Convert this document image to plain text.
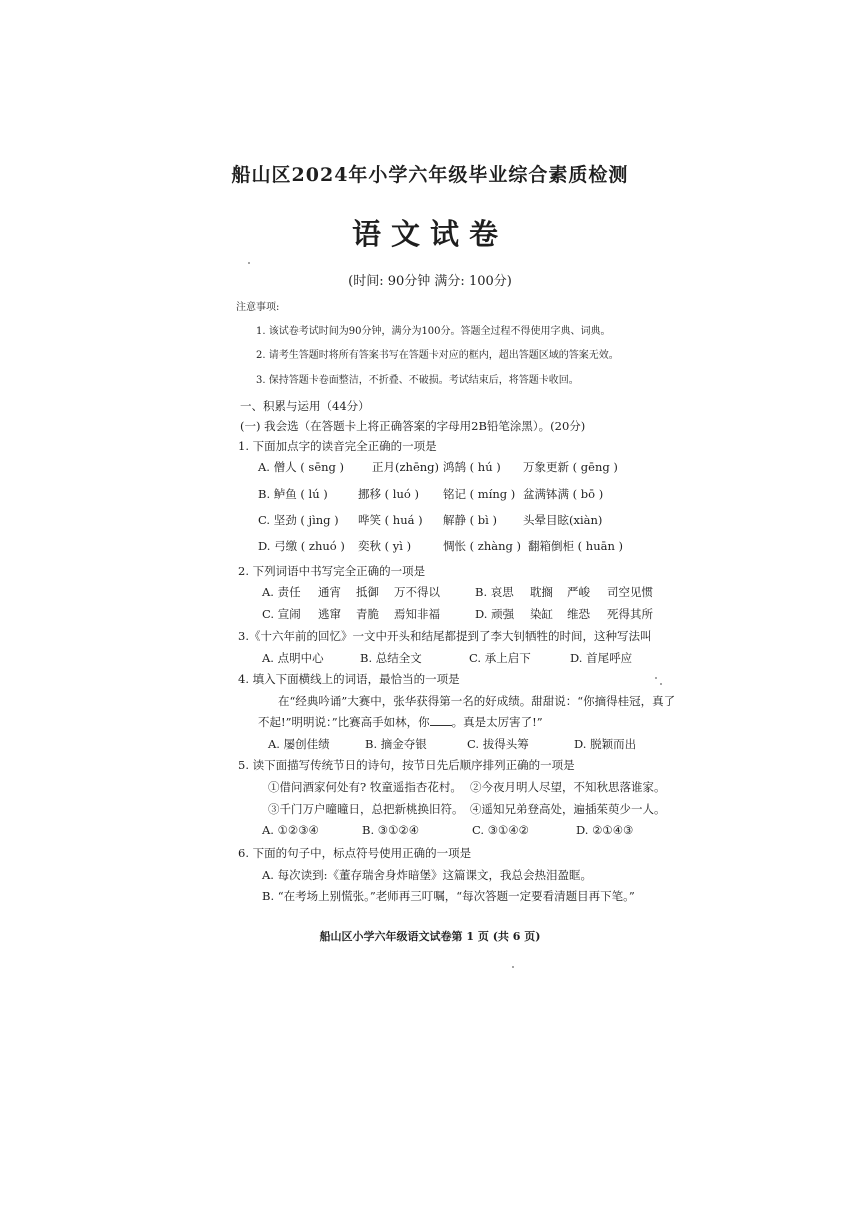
船山区2024年小学六年级毕业综合素质检测
语文试卷
(时间: 90分钟 满分: 100分)
注意事项:
1. 该试卷考试时间为90分钟，满分为100分。答题全过程不得使用字典、词典。
2. 请考生答题时将所有答案书写在答题卡对应的框内，超出答题区域的答案无效。
3. 保持答题卡卷面整洁，不折叠、不破损。考试结束后，将答题卡收回。
一、积累与运用（44分）
(一) 我会选（在答题卡上将正确答案的字母用2B铅笔涂黑）。(20分)
1. 下面加点字的读音完全正确的一项是
A. 僧人 ( sēng ) 正月(zhēng) 鸿鹄 ( hú ) 万象更新 ( gēng )
B. 鲈鱼 ( lú )	挪移 ( luó ) 铭记 ( míng ) 盆满钵满 ( bō )
C. 坚劲 ( jìng ) 哗笑 ( huá ) 解静 ( bì ) 头晕目眩(xiàn)
D. 弓缴 ( zhuó ) 奕秋 ( yì )	惆怅 ( zhàng ) 翻箱倒柜 ( huān )
2. 下列词语中书写完全正确的一项是
A. 责任 通宵 抵御 万不得以	B. 哀思 耽搁 严峻 司空见惯
C. 宣闹 逃窜 青脆 焉知非福	D. 顽强 染缸 维恐 死得其所
3.《十六年前的回忆》一文中开头和结尾都提到了李大钊牺牲的时间，这种写法叫
A. 点明中心	B. 总结全文	C. 承上启下	D. 首尾呼应
4. 填入下面横线上的词语，最恰当的一项是
在“经典吟诵”大赛中，张华获得第一名的好成绩。甜甜说：“你摘得桂冠，真了
不起!”明明说：”比赛高手如林，你 。真是太厉害了!”
A. 屡创佳绩	B. 摘金夺银	C. 拔得头筹	D. 脱颖而出
5. 读下面描写传统节日的诗句，按节日先后顺序排列正确的一项是
①借问酒家何处有? 牧童遥指杏花村。 ②今夜月明人尽望，不知秋思落谁家。
③千门万户曈曈日，总把新桃换旧符。 ④遥知兄弟登高处，遍插茱萸少一人。
A. ①②③④	B. ③①②④	C. ③①④②	D. ②①④③
6. 下面的句子中，标点符号使用正确的一项是
A. 每次读到:《董存瑞舍身炸暗堡》这篇课文，我总会热泪盈眶。
B. “在考场上别慌张。”老师再三叮嘱，“每次答题一定要看清题目再下笔。”
船山区小学六年级语文试卷第 1 页 (共 6 页)
